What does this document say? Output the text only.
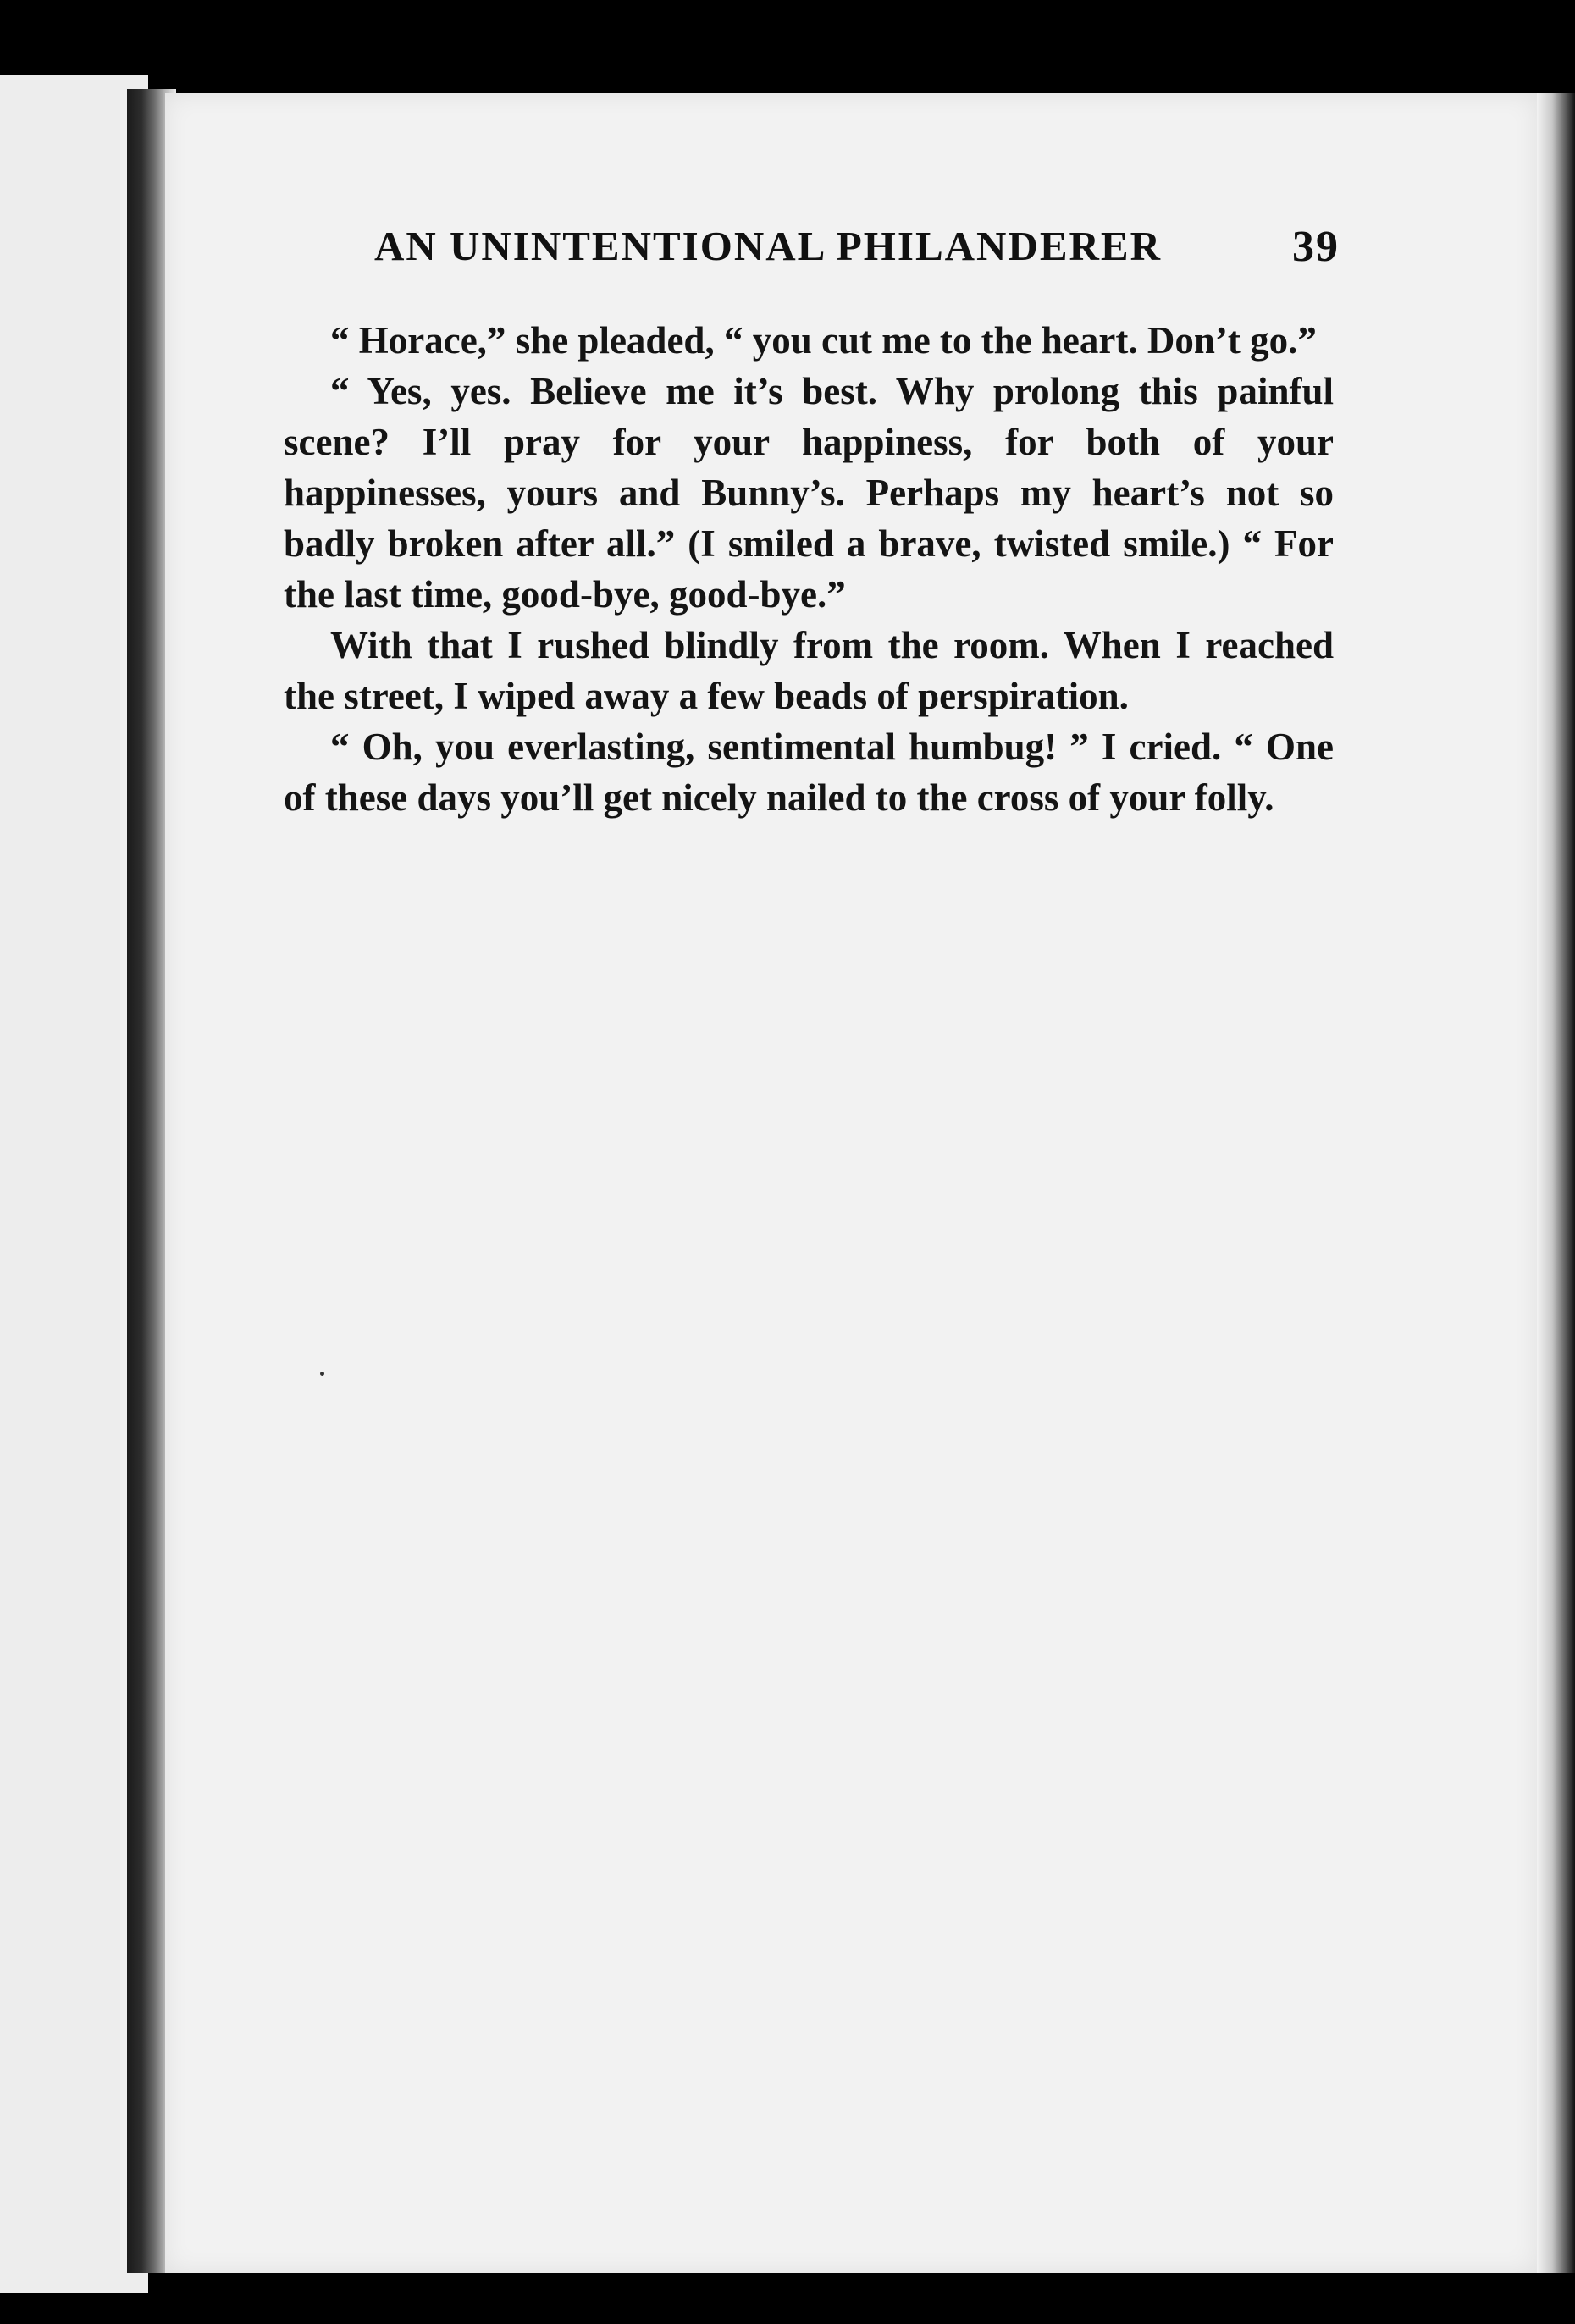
AN UNINTENTIONAL PHILANDERER	39

“ Horace,” she pleaded, “ you cut me to the heart. Don’t go.”

“ Yes, yes. Believe me it’s best. Why prolong this painful scene? I’ll pray for your happiness, for both of your happinesses, yours and Bunny’s. Perhaps my heart’s not so badly broken after all.” (I smiled a brave, twisted smile.) “ For the last time, good-bye, good-bye.”

With that I rushed blindly from the room. When I reached the street, I wiped away a few beads of perspiration.

“ Oh, you everlasting, sentimental humbug! ” I cried. “ One of these days you’ll get nicely nailed to the cross of your folly.
